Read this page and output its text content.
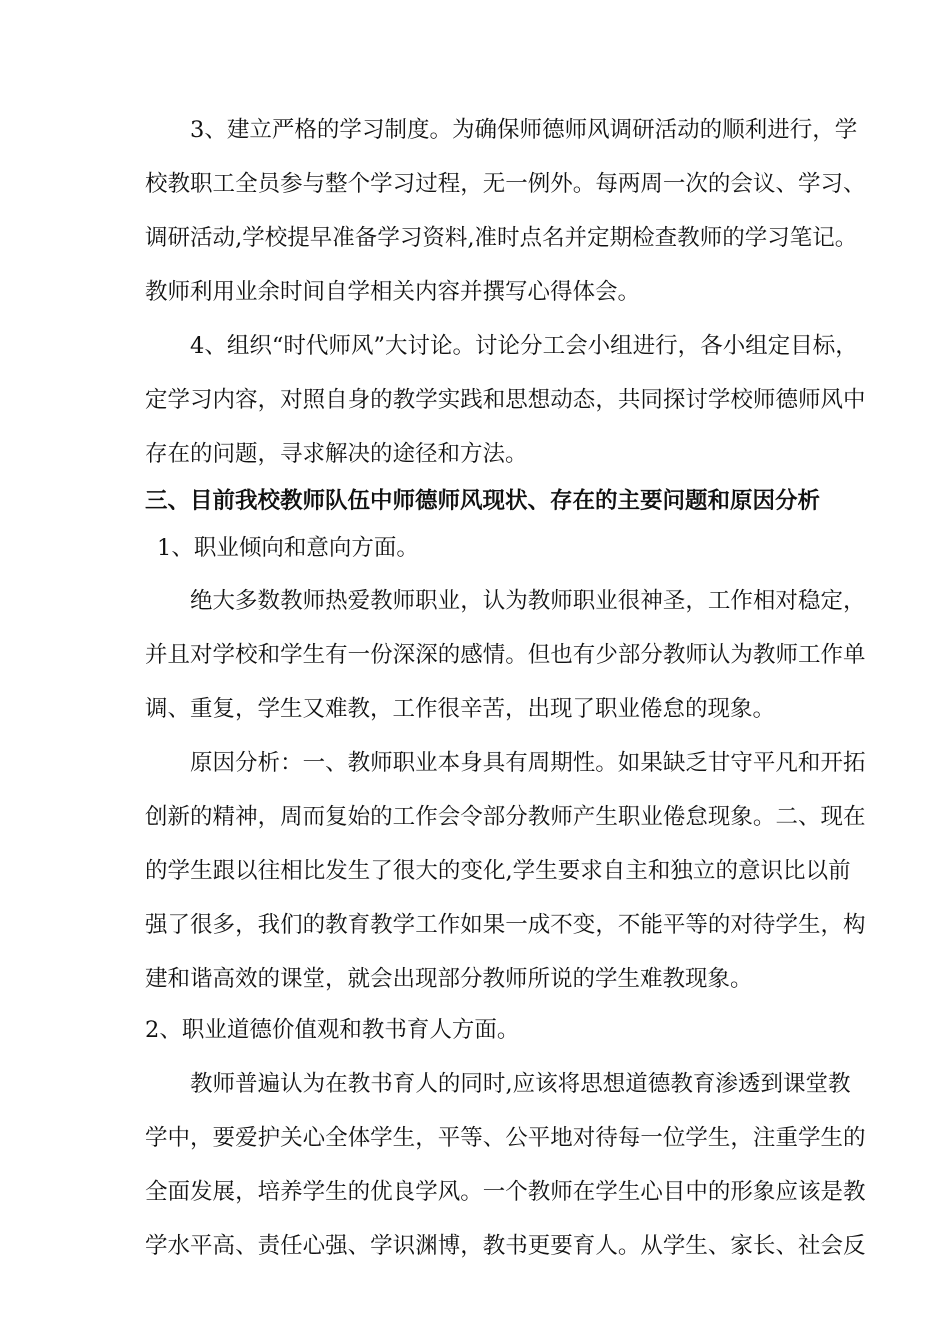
3 、 建 立 严 格 的 学 习 制 度 。 为 确 保 师 德 师 风 调 研 活 动 的 顺 利 进 行 ， 学
校 教 职 工 全 员 参 与 整 个 学 习 过 程 ， 无 一 例 外 。 每 两 周 一 次 的 会 议 、 学 习 、
调 研 活 动 , 学 校 提 早 准 备 学 习 资 料 , 准 时 点 名 并 定 期 检 查 教 师 的 学 习 笔 记 。
教师利用业余时间自学相关内容并撰写心得体会。
4 、 组 织 “ 时 代 师 风 ” 大 讨 论 。 讨 论 分 工 会 小 组 进 行 ， 各 小 组 定 目 标 ，
定 学 习 内 容 ， 对 照 自 身 的 教 学 实 践 和 思 想 动 态 ， 共 同 探 讨 学 校 师 德 师 风 中
存在的问题，寻求解决的途径和方法。
三、目前我校教师队伍中师德师风现状、存在的主要问题和原因分析
1、职业倾向和意向方面。
绝 大 多 数 教 师 热 爱 教 师 职 业 ， 认 为 教 师 职 业 很 神 圣 ， 工 作 相 对 稳 定 ，
并 且 对 学 校 和 学 生 有 一 份 深 深 的 感 情 。 但 也 有 少 部 分 教 师 认 为 教 师 工 作 单
调、重复，学生又难教，工作很辛苦，出现了职业倦怠的现象。
原 因 分 析 ： 一 、 教 师 职 业 本 身 具 有 周 期 性 。 如 果 缺 乏 甘 守 平 凡 和 开 拓
创 新 的 精 神 ， 周 而 复 始 的 工 作 会 令 部 分 教 师 产 生 职 业 倦 怠 现 象 。 二 、 现 在
的 学 生 跟 以 往 相 比 发 生 了 很 大 的 变 化 , 学 生 要 求 自 主 和 独 立 的 意 识 比 以 前
强 了 很 多 ， 我 们 的 教 育 教 学 工 作 如 果 一 成 不 变 ， 不 能 平 等 的 对 待 学 生 ， 构
建和谐高效的课堂，就会出现部分教师所说的学生难教现象。
2、职业道德价值观和教书育人方面。
教 师 普 遍 认 为 在 教 书 育 人 的 同 时 , 应 该 将 思 想 道 德 教 育 渗 透 到 课 堂 教
学 中 ， 要 爱 护 关 心 全 体 学 生 ， 平 等 、 公 平 地 对 待 每 一 位 学 生 ， 注 重 学 生 的
全 面 发 展 ， 培 养 学 生 的 优 良 学 风 。 一 个 教 师 在 学 生 心 目 中 的 形 象 应 该 是 教
学 水 平 高 、 责 任 心 强 、 学 识 渊 博 ， 教 书 更 要 育 人 。 从 学 生 、 家 长 、 社 会 反
